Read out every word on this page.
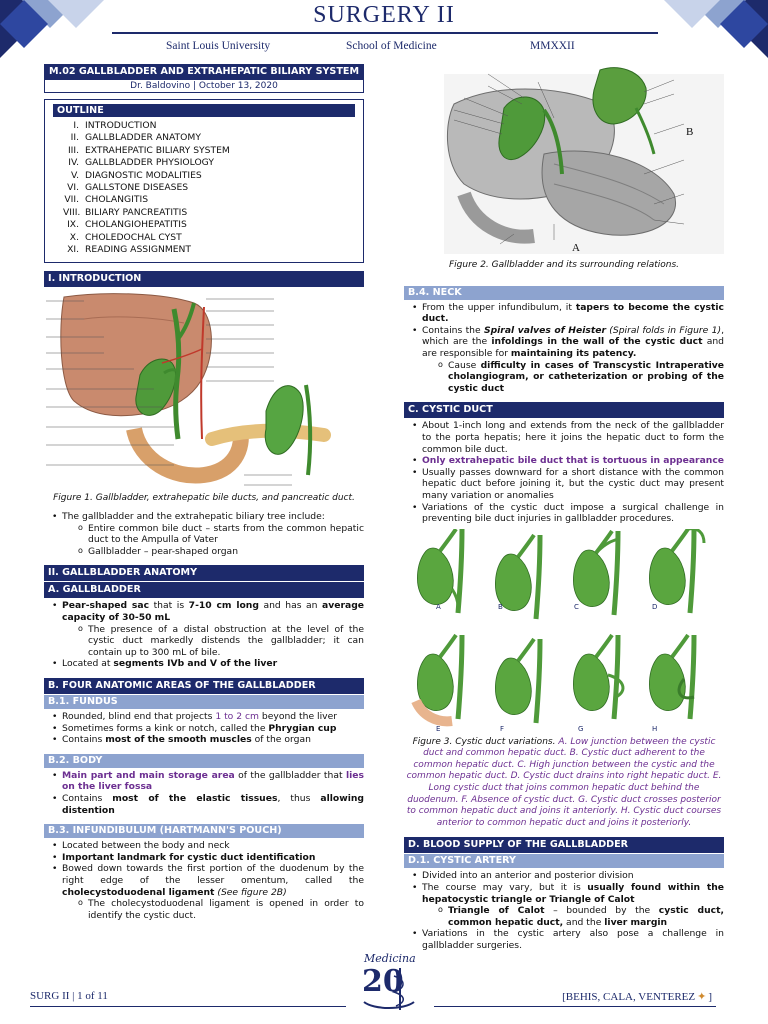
SURGERY II
Saint Louis University	School of Medicine	MMXXII
M.02 GALLBLADDER AND EXTRAHEPATIC BILIARY SYSTEM
Dr. Baldovino | October 13, 2020
OUTLINE
I. INTRODUCTION
II. GALLBLADDER ANATOMY
III. EXTRAHEPATIC BILIARY SYSTEM
IV. GALLBLADDER PHYSIOLOGY
V. DIAGNOSTIC MODALITIES
VI. GALLSTONE DISEASES
VII. CHOLANGITIS
VIII. BILIARY PANCREATITIS
IX. CHOLANGIOHEPATITIS
X. CHOLEDOCHAL CYST
XI. READING ASSIGNMENT
I. INTRODUCTION
Figure 1. Gallbladder, extrahepatic bile ducts, and pancreatic duct.
• The gallbladder and the extrahepatic biliary tree include:
o Entire common bile duct – starts from the common hepatic duct to the Ampulla of Vater
o Gallbladder – pear-shaped organ
II. GALLBLADDER ANATOMY
A. GALLBLADDER
• Pear-shaped sac that is 7-10 cm long and has an average capacity of 30-50 mL
o The presence of a distal obstruction at the level of the cystic duct markedly distends the gallbladder; it can contain up to 300 mL of bile.
• Located at segments IVb and V of the liver
B. FOUR ANATOMIC AREAS OF THE GALLBLADDER
B.1. FUNDUS
• Rounded, blind end that projects 1 to 2 cm beyond the liver
• Sometimes forms a kink or notch, called the Phrygian cup
• Contains most of the smooth muscles of the organ
B.2. BODY
• Main part and main storage area of the gallbladder that lies on the liver fossa
• Contains most of the elastic tissues, thus allowing distention
B.3. INFUNDIBULUM (HARTMANN'S POUCH)
• Located between the body and neck
• Important landmark for cystic duct identification
• Bowed down towards the first portion of the duodenum by the right edge of the lesser omentum, called the cholecystoduodenal ligament (See figure 2B)
o The cholecystoduodenal ligament is opened in order to identify the cystic duct.
A
B
Figure 2. Gallbladder and its surrounding relations.
B.4. NECK
• From the upper infundibulum, it tapers to become the cystic duct.
• Contains the Spiral valves of Heister (Spiral folds in Figure 1), which are the infoldings in the wall of the cystic duct and are responsible for maintaining its patency.
o Cause difficulty in cases of Transcystic Intraperative cholangiogram, or catheterization or probing of the cystic duct
C. CYSTIC DUCT
• About 1-inch long and extends from the neck of the gallbladder to the porta hepatis; here it joins the hepatic duct to form the common bile duct.
• Only extrahepatic bile duct that is tortuous in appearance
• Usually passes downward for a short distance with the common hepatic duct before joining it, but the cystic duct may present many variation or anomalies
• Variations of the cystic duct impose a surgical challenge in preventing bile duct injuries in gallbladder procedures.
A	B	C	D
E	F	G	H
Figure 3. Cystic duct variations. A. Low junction between the cystic duct and common hepatic duct. B. Cystic duct adherent to the common hepatic duct. C. High junction between the cystic and the common hepatic duct. D. Cystic duct drains into right hepatic duct. E. Long cystic duct that joins common hepatic duct behind the duodenum. F. Absence of cystic duct. G. Cystic duct crosses posterior to common hepatic duct and joins it anteriorly. H. Cystic duct courses anterior to common hepatic duct and joins it posteriorly.
D. BLOOD SUPPLY OF THE GALLBLADDER
D.1. CYSTIC ARTERY
• Divided into an anterior and posterior division
• The course may vary, but it is usually found within the hepatocystic triangle or Triangle of Calot
o Triangle of Calot – bounded by the cystic duct, common hepatic duct, and the liver margin
• Variations in the cystic artery also pose a challenge in gallbladder surgeries.
SURG II | 1 of 11	[BEHIS, CALA, VENTEREZ ✦ ]
Medicina
20
